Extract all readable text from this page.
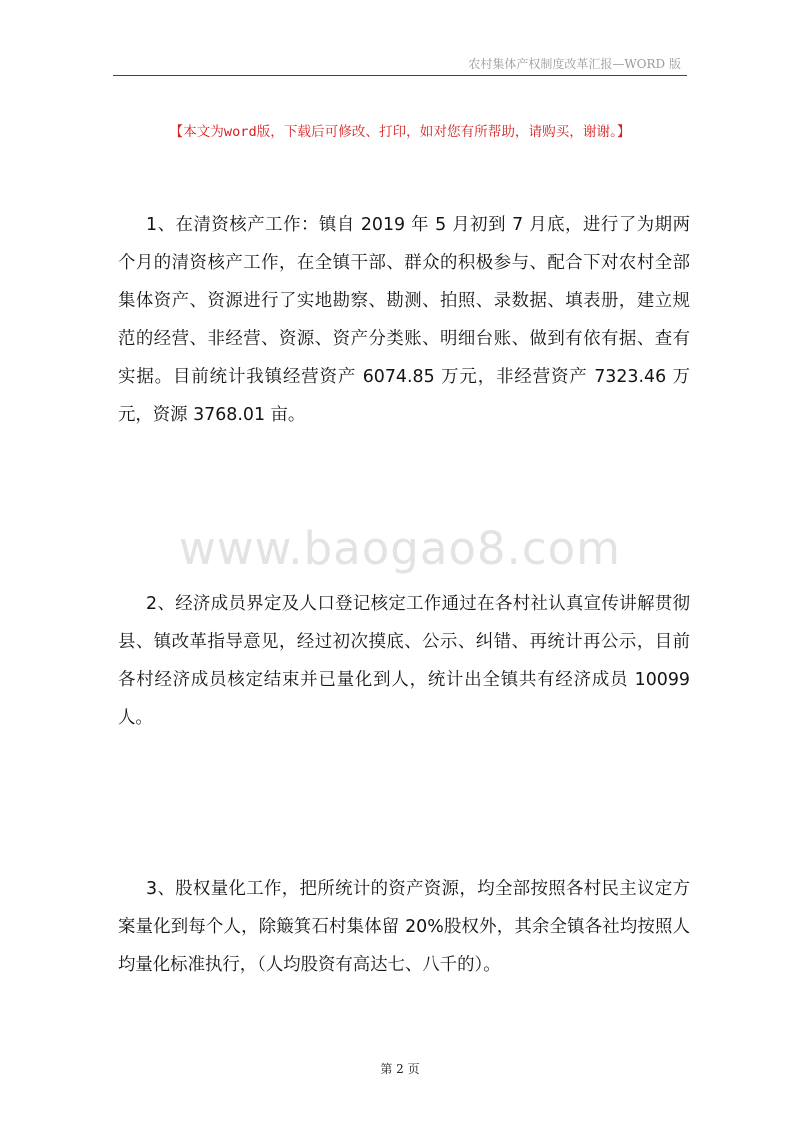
农村集体产权制度改革汇报—WORD 版
【本文为word版，下载后可修改、打印，如对您有所帮助，请购买，谢谢。】

1、在清资核产工作：镇自 2019 年 5 月初到 7 月底，进行了为期两个月的清资核产工作，在全镇干部、群众的积极参与、配合下对农村全部集体资产、资源进行了实地勘察、勘测、拍照、录数据、填表册，建立规范的经营、非经营、资源、资产分类账、明细台账、做到有依有据、查有实据。目前统计我镇经营资产 6074.85 万元，非经营资产 7323.46 万元，资源 3768.01 亩。

www.baogao8.com

2、经济成员界定及人口登记核定工作通过在各村社认真宣传讲解贯彻县、镇改革指导意见，经过初次摸底、公示、纠错、再统计再公示，目前各村经济成员核定结束并已量化到人，统计出全镇共有经济成员 10099 人。

3、股权量化工作，把所统计的资产资源，均全部按照各村民主议定方案量化到每个人，除簸箕石村集体留 20%股权外，其余全镇各社均按照人均量化标准执行，（人均股资有高达七、八千的）。

第 2 页
